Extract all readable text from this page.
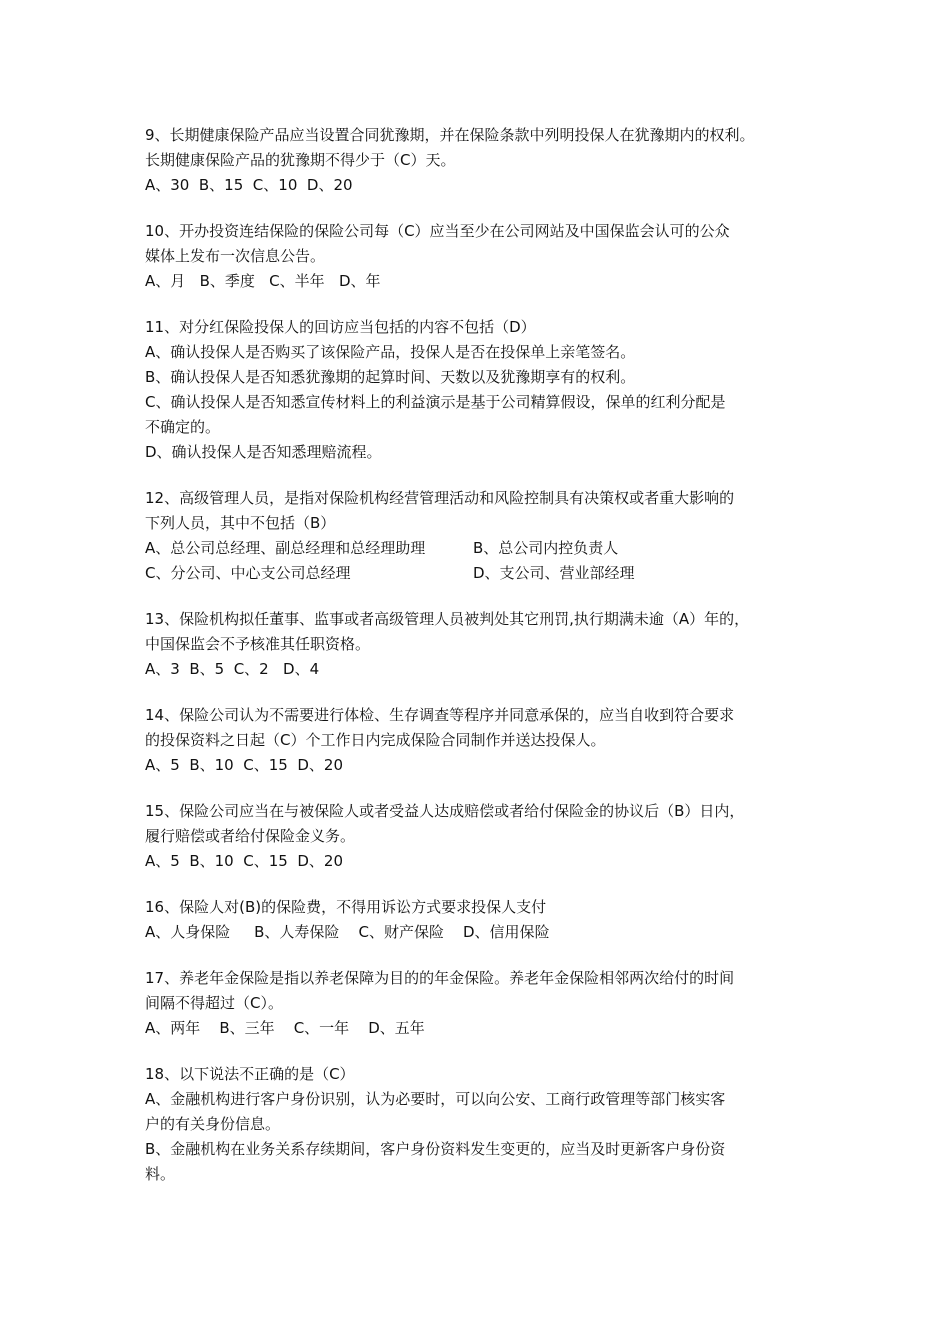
9、长期健康保险产品应当设置合同犹豫期，并在保险条款中列明投保人在犹豫期内的权利。

长期健康保险产品的犹豫期不得少于（C）天。

A、30  B、15  C、10  D、20

10、开办投资连结保险的保险公司每（C）应当至少在公司网站及中国保监会认可的公众

媒体上发布一次信息公告。

A、月   B、季度   C、半年   D、年

11、对分红保险投保人的回访应当包括的内容不包括（D）

A、确认投保人是否购买了该保险产品，投保人是否在投保单上亲笔签名。

B、确认投保人是否知悉犹豫期的起算时间、天数以及犹豫期享有的权利。

C、确认投保人是否知悉宣传材料上的利益演示是基于公司精算假设，保单的红利分配是

不确定的。

D、确认投保人是否知悉理赔流程。

12、高级管理人员，是指对保险机构经营管理活动和风险控制具有决策权或者重大影响的

下列人员，其中不包括（B）

A、总公司总经理、副总经理和总经理助理	B、总公司内控负责人
C、分公司、中心支公司总经理	D、支公司、营业部经理

13、保险机构拟任董事、监事或者高级管理人员被判处其它刑罚,执行期满未逾（A）年的，

中国保监会不予核准其任职资格。

A、3  B、5  C、2   D、4

14、保险公司认为不需要进行体检、生存调查等程序并同意承保的，应当自收到符合要求

的投保资料之日起（C）个工作日内完成保险合同制作并送达投保人。

A、5  B、10  C、15  D、20

15、保险公司应当在与被保险人或者受益人达成赔偿或者给付保险金的协议后（B）日内，

履行赔偿或者给付保险金义务。

A、5  B、10  C、15  D、20

16、保险人对(B)的保险费，不得用诉讼方式要求投保人支付

A、人身保险     B、人寿保险    C、财产保险    D、信用保险

17、养老年金保险是指以养老保障为目的的年金保险。养老年金保险相邻两次给付的时间

间隔不得超过（C）。

A、两年    B、三年    C、一年    D、五年

18、以下说法不正确的是（C）

A、金融机构进行客户身份识别，认为必要时，可以向公安、工商行政管理等部门核实客

户的有关身份信息。

B、金融机构在业务关系存续期间，客户身份资料发生变更的，应当及时更新客户身份资

料。
